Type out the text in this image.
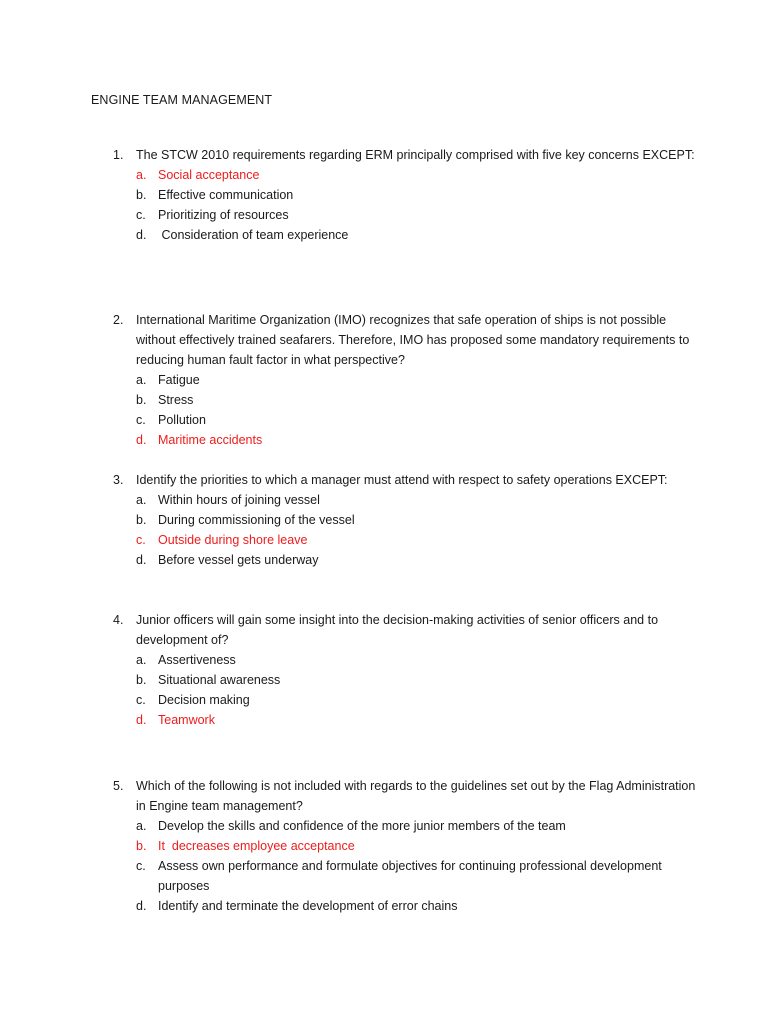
ENGINE TEAM MANAGEMENT
1.	The STCW 2010 requirements regarding ERM principally comprised with five key concerns EXCEPT:
a. Social acceptance
b. Effective communication
c. Prioritizing of resources
d. Consideration of team experience
2.	International Maritime Organization (IMO) recognizes that safe operation of ships is not possible without effectively trained seafarers. Therefore, IMO has proposed some mandatory requirements to reducing human fault factor in what perspective?
a. Fatigue
b. Stress
c. Pollution
d. Maritime accidents
3.	Identify the priorities to which a manager must attend with respect to safety operations EXCEPT:
a. Within hours of joining vessel
b. During commissioning of the vessel
c. Outside during shore leave
d. Before vessel gets underway
4.	Junior officers will gain some insight into the decision-making activities of senior officers and to development of?
a. Assertiveness
b. Situational awareness
c. Decision making
d. Teamwork
5.	Which of the following is not included with regards to the guidelines set out by the Flag Administration in Engine team management?
a. Develop the skills and confidence of the more junior members of the team
b. It  decreases employee acceptance
c. Assess own performance and formulate objectives for continuing professional development purposes
d. Identify and terminate the development of error chains
